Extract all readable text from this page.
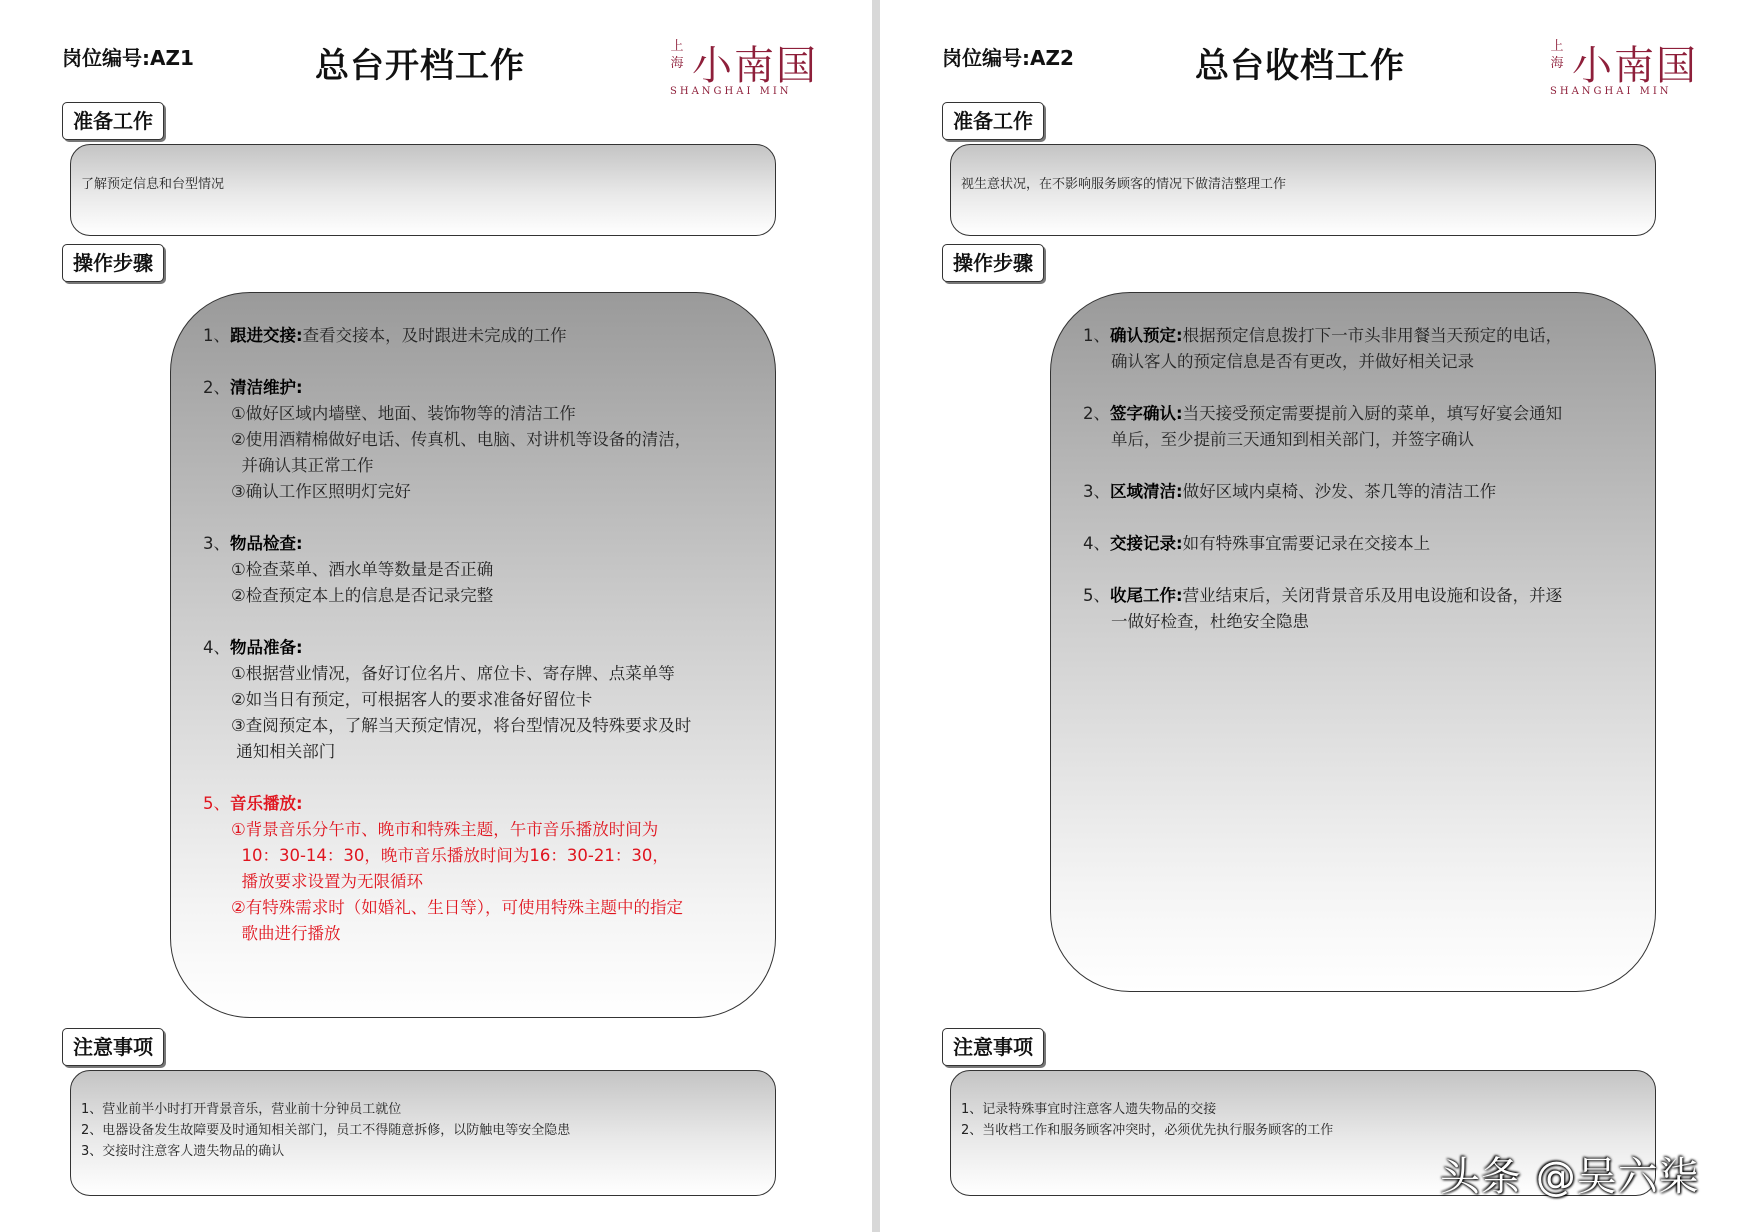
岗位编号:AZ1	总台开档工作	上海 小南国
SHANGHAI MIN
准备工作
了解预定信息和台型情况
操作步骤
1、跟进交接:查看交接本，及时跟进未完成的工作
2、清洁维护:
①做好区域内墙壁、地面、装饰物等的清洁工作
②使用酒精棉做好电话、传真机、电脑、对讲机等设备的清洁，
并确认其正常工作
③确认工作区照明灯完好
3、物品检查:
①检查菜单、酒水单等数量是否正确
②检查预定本上的信息是否记录完整
4、物品准备:
①根据营业情况，备好订位名片、席位卡、寄存牌、点菜单等
②如当日有预定，可根据客人的要求准备好留位卡
③查阅预定本，了解当天预定情况，将台型情况及特殊要求及时
通知相关部门
5、音乐播放:
①背景音乐分午市、晚市和特殊主题，午市音乐播放时间为
10：30-14：30，晚市音乐播放时间为16：30-21：30，
播放要求设置为无限循环
②有特殊需求时（如婚礼、生日等），可使用特殊主题中的指定
歌曲进行播放
注意事项
1、营业前半小时打开背景音乐，营业前十分钟员工就位
2、电器设备发生故障要及时通知相关部门，员工不得随意拆修，以防触电等安全隐患
3、交接时注意客人遗失物品的确认
岗位编号:AZ2	总台收档工作	上海 小南国
SHANGHAI MIN
准备工作
视生意状况，在不影响服务顾客的情况下做清洁整理工作
操作步骤
1、确认预定:根据预定信息拨打下一市头非用餐当天预定的电话，
确认客人的预定信息是否有更改，并做好相关记录
2、签字确认:当天接受预定需要提前入厨的菜单，填写好宴会通知
单后，至少提前三天通知到相关部门，并签字确认
3、区域清洁:做好区域内桌椅、沙发、茶几等的清洁工作
4、交接记录:如有特殊事宜需要记录在交接本上
5、收尾工作:营业结束后，关闭背景音乐及用电设施和设备，并逐
一做好检查，杜绝安全隐患
注意事项
1、记录特殊事宜时注意客人遗失物品的交接
2、当收档工作和服务顾客冲突时，必须优先执行服务顾客的工作
头条 @吴六柒
